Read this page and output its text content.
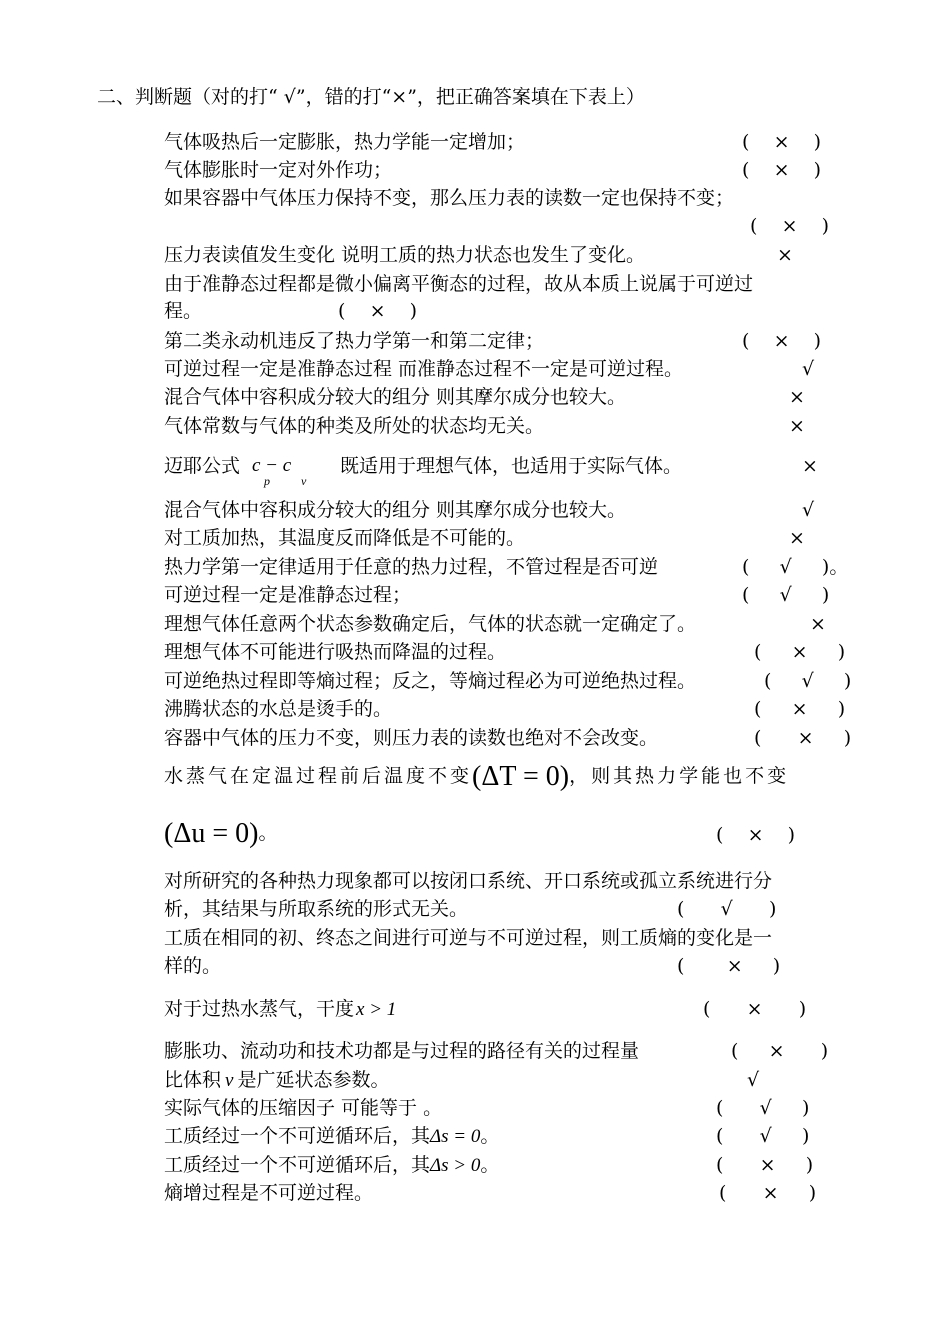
二、判断题（对的打“ √”，错的打“×”，把正确答案填在下表上）
气体吸热后一定膨胀，热力学能一定增加；	(    ×    )
气体膨胀时一定对外作功；	(    ×    )
如果容器中气体压力保持不变，那么压力表的读数一定也保持不变；
(    ×    )
压力表读值发生变化 说明工质的热力状态也发生了变化。	×
由于准静态过程都是微小偏离平衡态的过程，故从本质上说属于可逆过
程。	(    ×    )
第二类永动机违反了热力学第一和第二定律；	(    ×    )
可逆过程一定是准静态过程 而准静态过程不一定是可逆过程。	√
混合气体中容积成分较大的组分 则其摩尔成分也较大。	×
气体常数与气体的种类及所处的状态均无关。	×
迈耶公式 c − c
p	v
既适用于理想气体，也适用于实际气体。	×
混合气体中容积成分较大的组分 则其摩尔成分也较大。	√
对工质加热，其温度反而降低是不可能的。	×
热力学第一定律适用于任意的热力过程，不管过程是否可逆	(     √     )。
可逆过程一定是准静态过程；	(     √     )
理想气体任意两个状态参数确定后，气体的状态就一定确定了。	×
理想气体不可能进行吸热而降温的过程。	(     ×     )
可逆绝热过程即等熵过程；反之，等熵过程必为可逆绝热过程。	(     √     )
沸腾状态的水总是烫手的。	(     ×     )
容器中气体的压力不变，则压力表的读数也绝对不会改变。	(      ×     )
水蒸气在定温过程前后温度不变(ΔT = 0)，则其热力学能也不变
(Δu = 0)。	(    ×    )
对所研究的各种热力现象都可以按闭口系统、开口系统或孤立系统进行分
析，其结果与所取系统的形式无关。	(      √      )
工质在相同的初、终态之间进行可逆与不可逆过程，则工质熵的变化是一
样的。	(       ×     )
对于过热水蒸气，干度 x > 1	(      ×      )
膨胀功、流动功和技术功都是与过程的路径有关的过程量	(     ×      )
比体积 v 是广延状态参数。	√
实际气体的压缩因子 可能等于 。	(      √     )
工质经过一个不可逆循环后，其Δs = 0。	(      √     )
工质经过一个不可逆循环后，其Δs > 0。	(      ×     )
熵增过程是不可逆过程。	(      ×     )
